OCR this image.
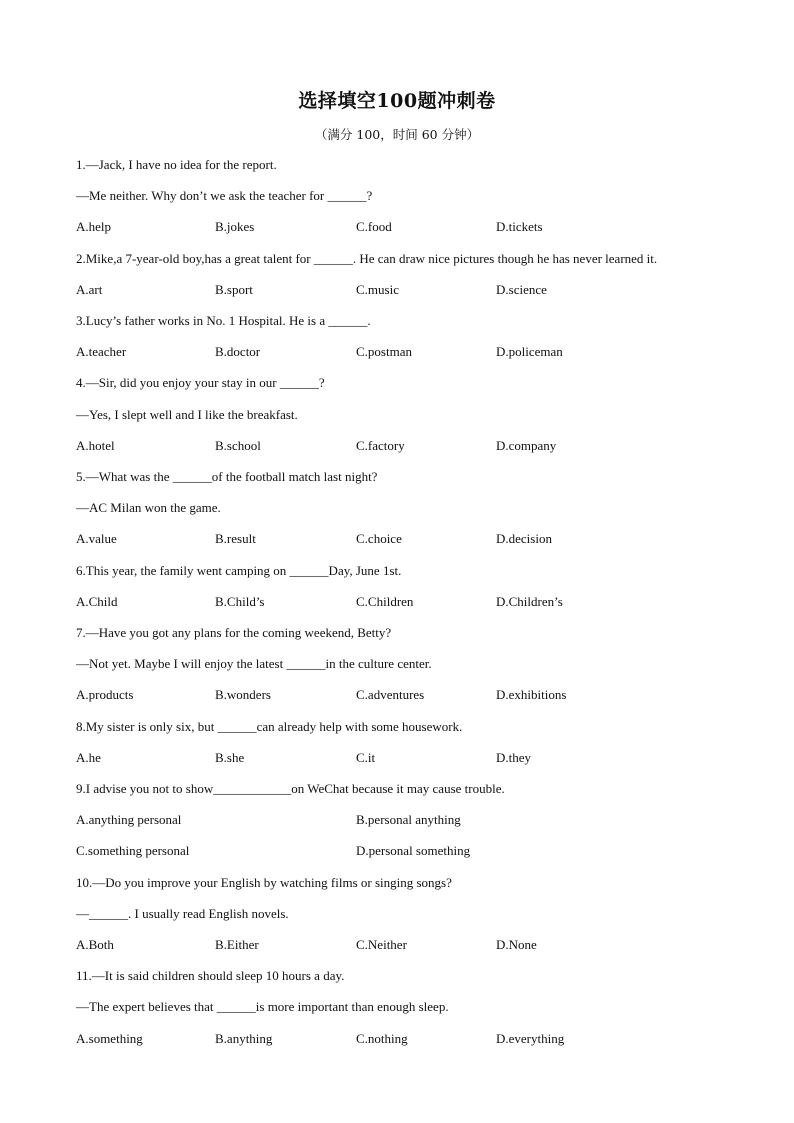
选择填空100题冲刺卷
（满分 100，时间 60 分钟）
1.—Jack, I have no idea for the report.
—Me neither. Why don’t we ask the teacher for ______?
A.help	B.jokes	C.food	D.tickets
2.Mike,a 7-year-old boy,has a great talent for ______. He can draw nice pictures though he has never learned it.
A.art	B.sport	C.music	D.science
3.Lucy’s father works in No. 1 Hospital. He is a ______.
A.teacher	B.doctor	C.postman	D.policeman
4.—Sir, did you enjoy your stay in our ______?
—Yes, I slept well and I like the breakfast.
A.hotel	B.school	C.factory	D.company
5.—What was the ______of the football match last night?
—AC Milan won the game.
A.value	B.result	C.choice	D.decision
6.This year, the family went camping on ______Day, June 1st.
A.Child	B.Child’s	C.Children	D.Children’s
7.—Have you got any plans for the coming weekend, Betty?
—Not yet. Maybe I will enjoy the latest ______in the culture center.
A.products	B.wonders	C.adventures	D.exhibitions
8.My sister is only six, but ______can already help with some housework.
A.he	B.she	C.it	D.they
9.I advise you not to show____________on WeChat because it may cause trouble.
A.anything personal	B.personal anything
C.something personal	D.personal something
10.—Do you improve your English by watching films or singing songs?
—______. I usually read English novels.
A.Both	B.Either	C.Neither	D.None
11.—It is said children should sleep 10 hours a day.
—The expert believes that ______is more important than enough sleep.
A.something	B.anything	C.nothing	D.everything
